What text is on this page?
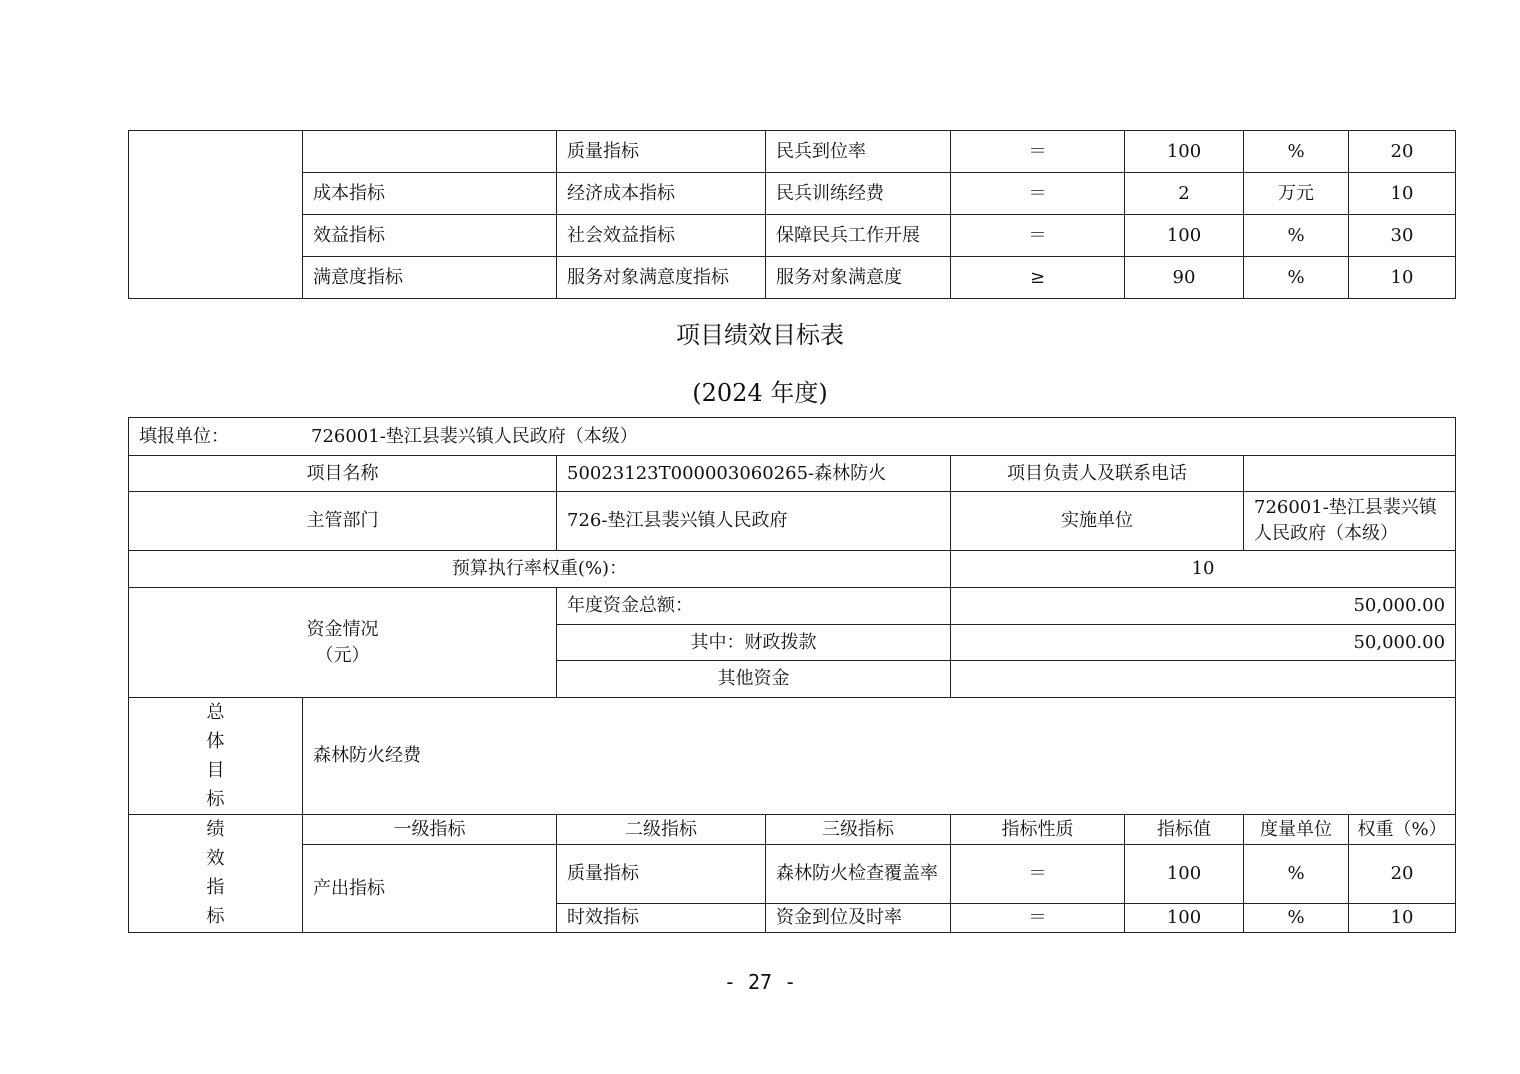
		质量指标	民兵到位率	＝	100	%	20
	成本指标	经济成本指标	民兵训练经费	＝	2	万元	10
	效益指标	社会效益指标	保障民兵工作开展	＝	100	%	30
	满意度指标	服务对象满意度指标	服务对象满意度	≥	90	%	10
项目绩效目标表
(2024 年度)
填报单位： 726001-垫江县裴兴镇人民政府（本级）							
项目名称		50023123T000003060265-森林防火		项目负责人及联系电话			
主管部门		726-垫江县裴兴镇人民政府		实施单位		726001-垫江县裴兴镇人民政府（本级）	
预算执行率权重(%)：				10			

资金情况
（元）		年度资金总额：		50,000.00			
		其中：财政拨款		50,000.00			
		其他资金					

总
体
目
标	森林防火经费						

绩
效
指
标	一级指标	二级指标	三级指标	指标性质	指标值	度量单位	权重（%）
	产出指标	质量指标	森林防火检查覆盖率	＝	100	%	20
		时效指标	资金到位及时率	＝	100	%	10
- 27 -
